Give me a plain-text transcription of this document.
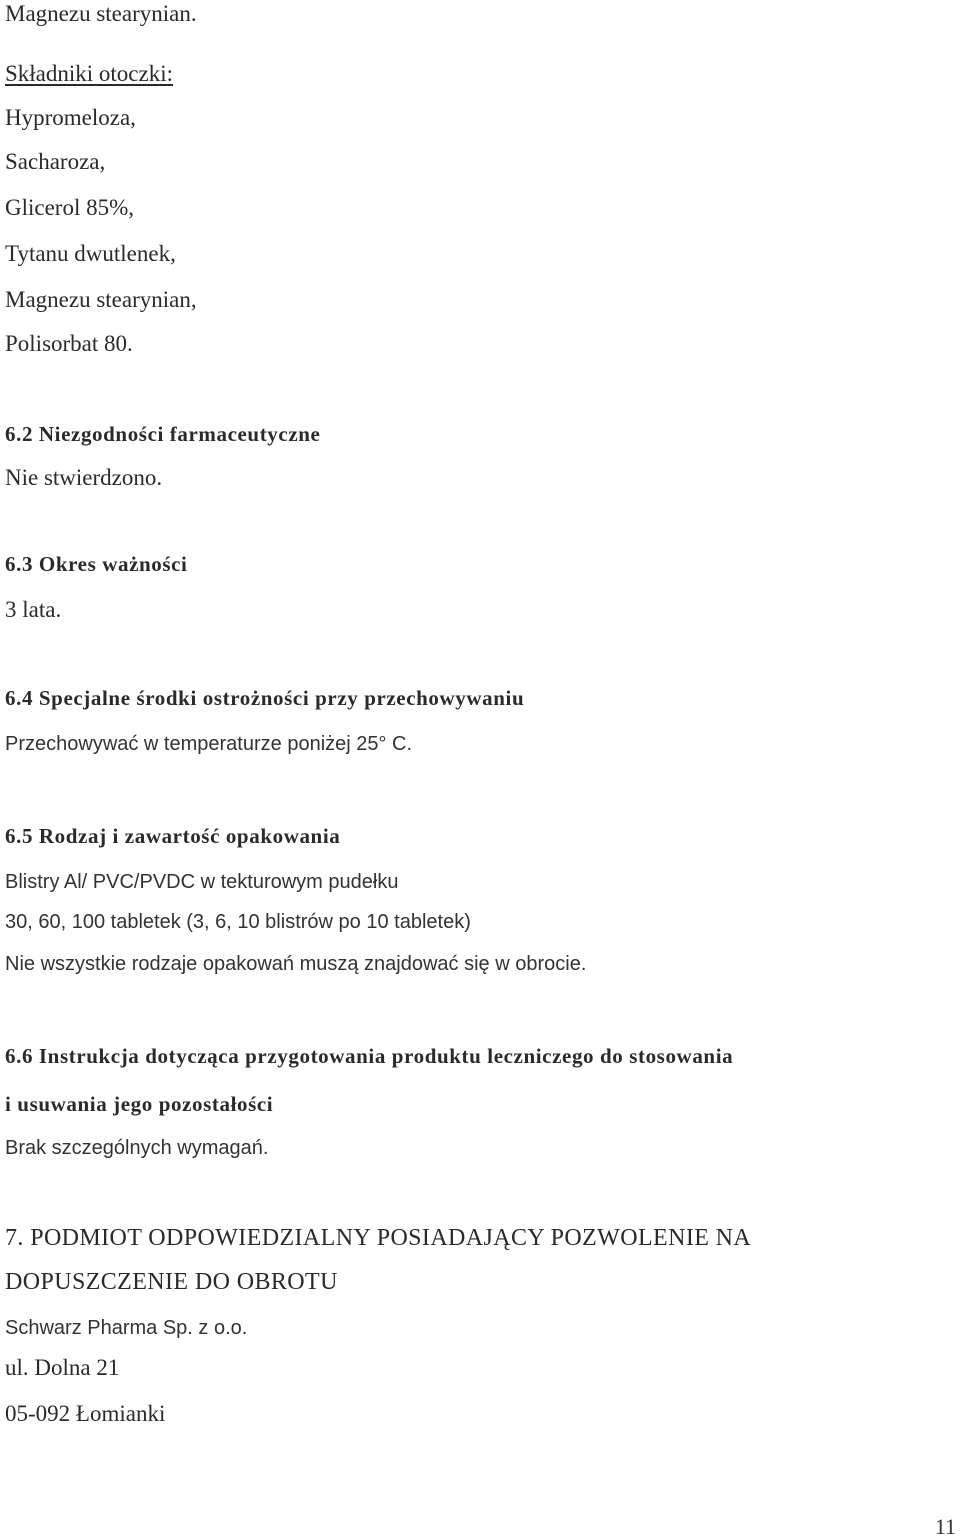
Magnezu stearynian.
Składniki otoczki:
Hypromeloza,
Sacharoza,
Glicerol 85%,
Tytanu dwutlenek,
Magnezu stearynian,
Polisorbat 80.
6.2 Niezgodności farmaceutyczne
Nie stwierdzono.
6.3 Okres ważności
3 lata.
6.4 Specjalne środki ostrożności przy przechowywaniu
Przechowywać w temperaturze poniżej 25° C.
6.5 Rodzaj i zawartość opakowania
Blistry Al/ PVC/PVDC w tekturowym pudełku
30, 60, 100 tabletek (3, 6, 10 blistrów po 10 tabletek)
Nie wszystkie rodzaje opakowań muszą znajdować się w obrocie.
6.6 Instrukcja dotycząca przygotowania produktu leczniczego do stosowania
i usuwania jego pozostałości
Brak szczególnych wymagań.
7. PODMIOT ODPOWIEDZIALNY POSIADAJĄCY POZWOLENIE NA
DOPUSZCZENIE DO OBROTU
Schwarz Pharma Sp. z o.o.
ul. Dolna 21
05-092 Łomianki
11
